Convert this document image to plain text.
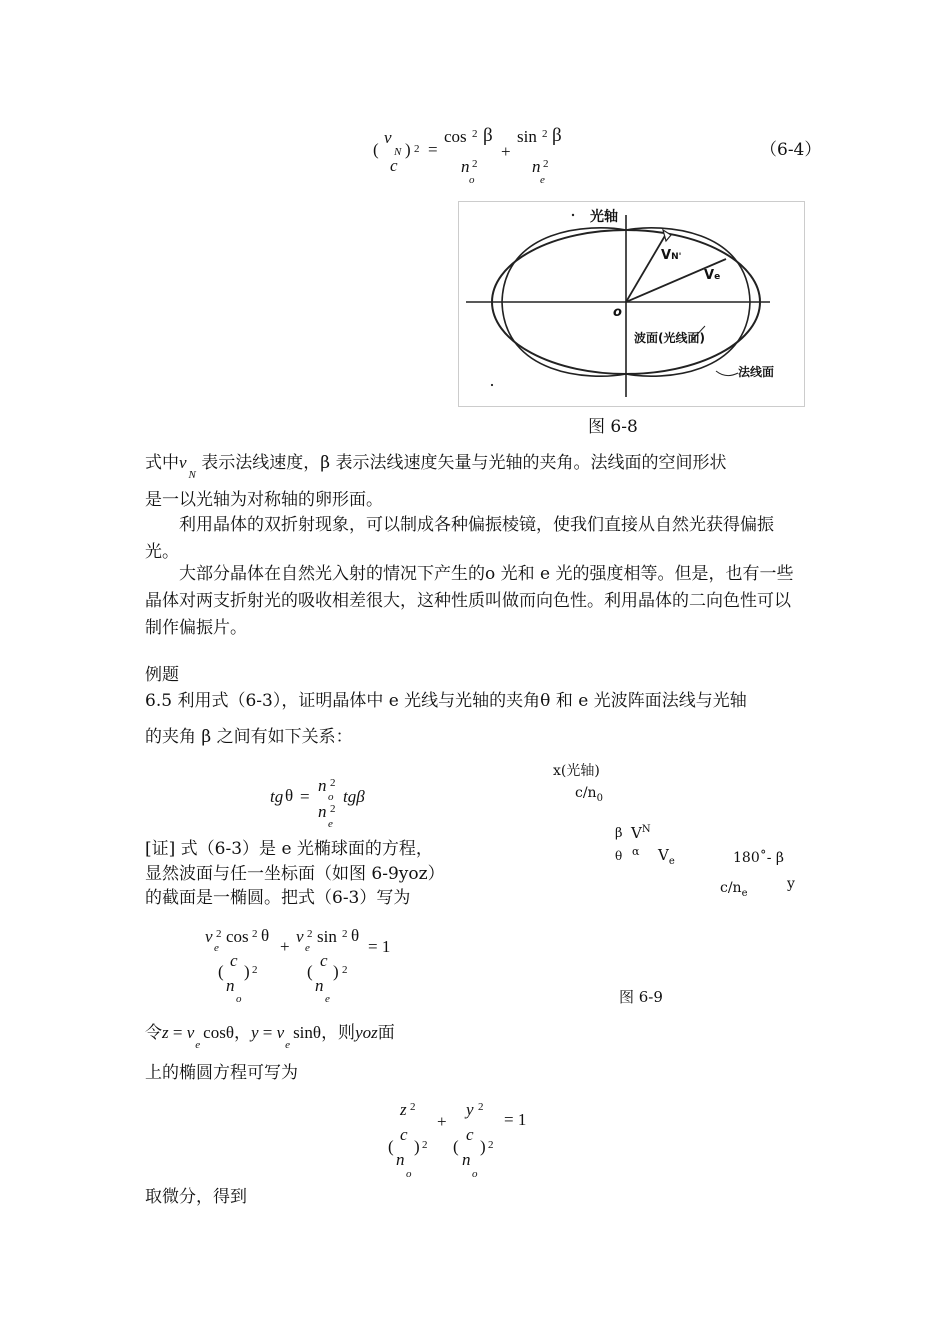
(
v
N ) 2
c
=
cos 2 β
n 2
o
+
sin 2 β
n 2
e
（6-4）
光轴
VN'
Ve
o
波面(光线面)
法线面
图 6-8
式中$v_N$ 表示法线速度，β 表示法线速度矢量与光轴的夹角。法线面的空间形状
是一以光轴为对称轴的卵形面。
利用晶体的双折射现象，可以制成各种偏振棱镜，使我们直接从自然光获得偏振光。
大部分晶体在自然光入射的情况下产生的o 光和 e 光的强度相等。但是，也有一些晶体对两支折射光的吸收相差很大，这种性质叫做而向色性。利用晶体的二向色性可以制作偏振片。
例题
6.5 利用式（6-3），证明晶体中 e 光线与光轴的夹角θ 和 e 光波阵面法线与光轴
的夹角 β 之间有如下关系：
tg θ =
n 2
o
n 2
e
tgβ
[证] 式（6-3）是 e 光椭球面的方程，
显然波面与任一坐标面（如图 6-9yoz）
的截面是一椭圆。把式（6-3）写为
v 2
e
cos 2 θ
c
( ) 2
n
o
+
v 2
e
sin 2 θ
c
( ) 2
n
e
= 1
x(光轴)
$c/n_0$
β $V^N$
θ α $V_e$	180˚- β
$c/n_e$
y
图 6-9
令$z = v_e\cos\theta$，$y = v_e\sin\theta$，则yoz面
上的椭圆方程可写为
z 2
c
( ) 2
n
o
+
y 2
c
( ) 2
n
o
= 1
取微分，得到
